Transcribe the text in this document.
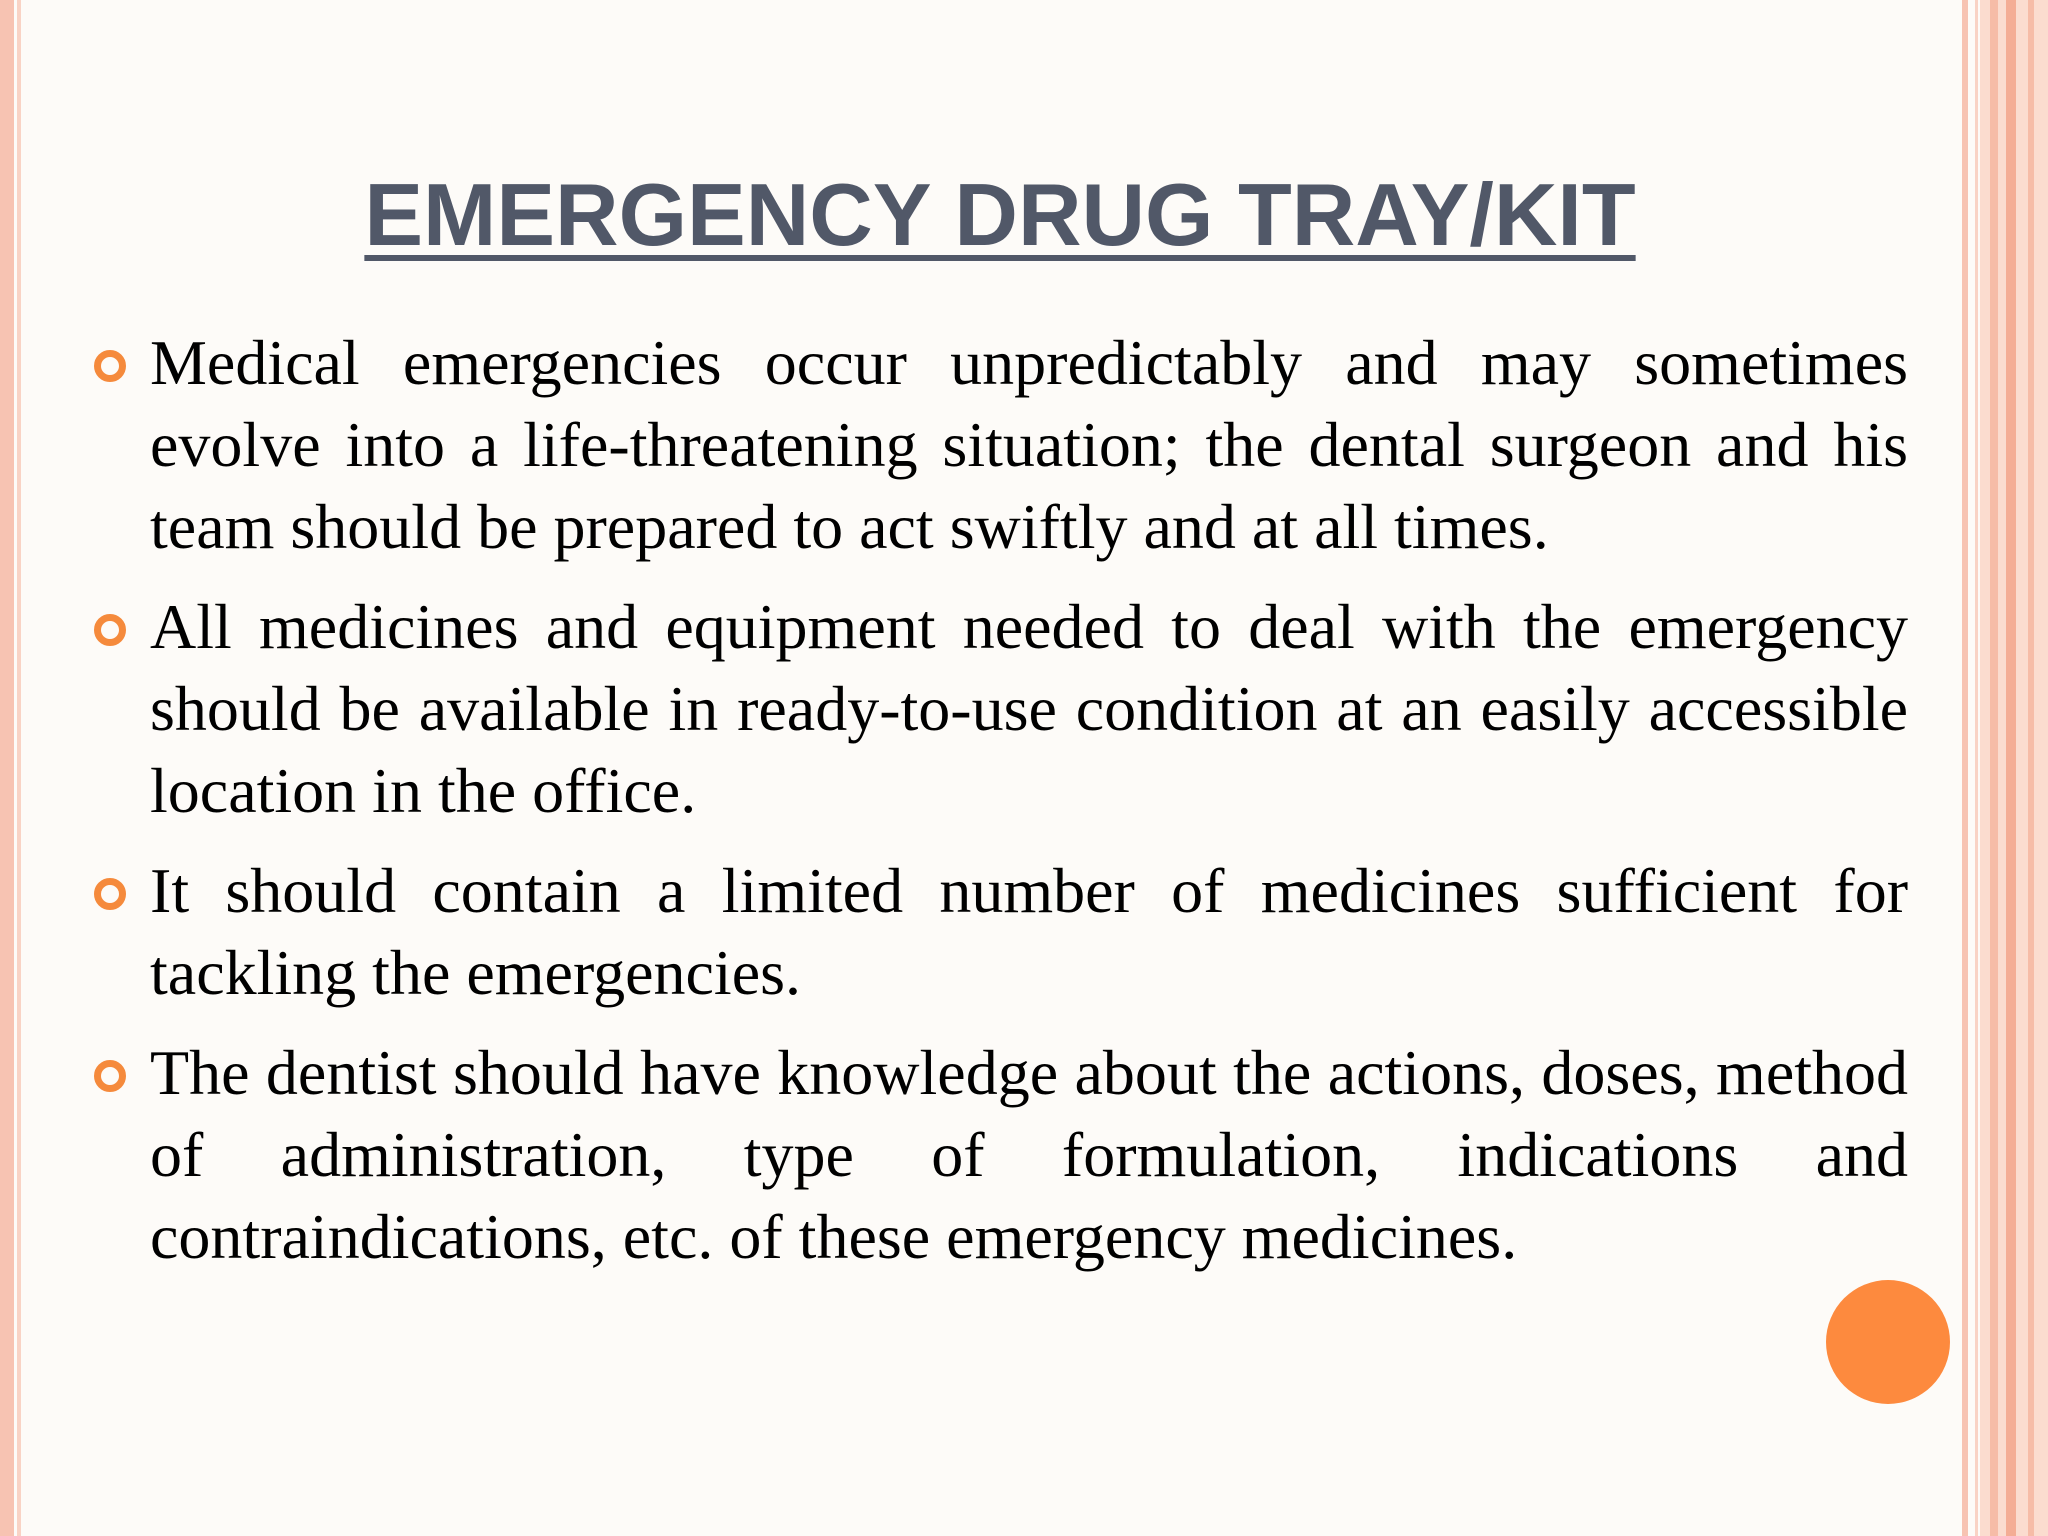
EMERGENCY DRUG TRAY/KIT
Medical emergencies occur unpredictably and may sometimes evolve into a life-threatening situation; the dental surgeon and his team should be prepared to act swiftly and at all times.
All medicines and equipment needed to deal with the emergency should be available in ready-to-use condition at an easily accessible location in the office.
It should contain a limited number of medicines sufficient for tackling the emergencies.
The dentist should have knowledge about the actions, doses, method of administration, type of formulation, indications and contraindications, etc. of these emergency medicines.
